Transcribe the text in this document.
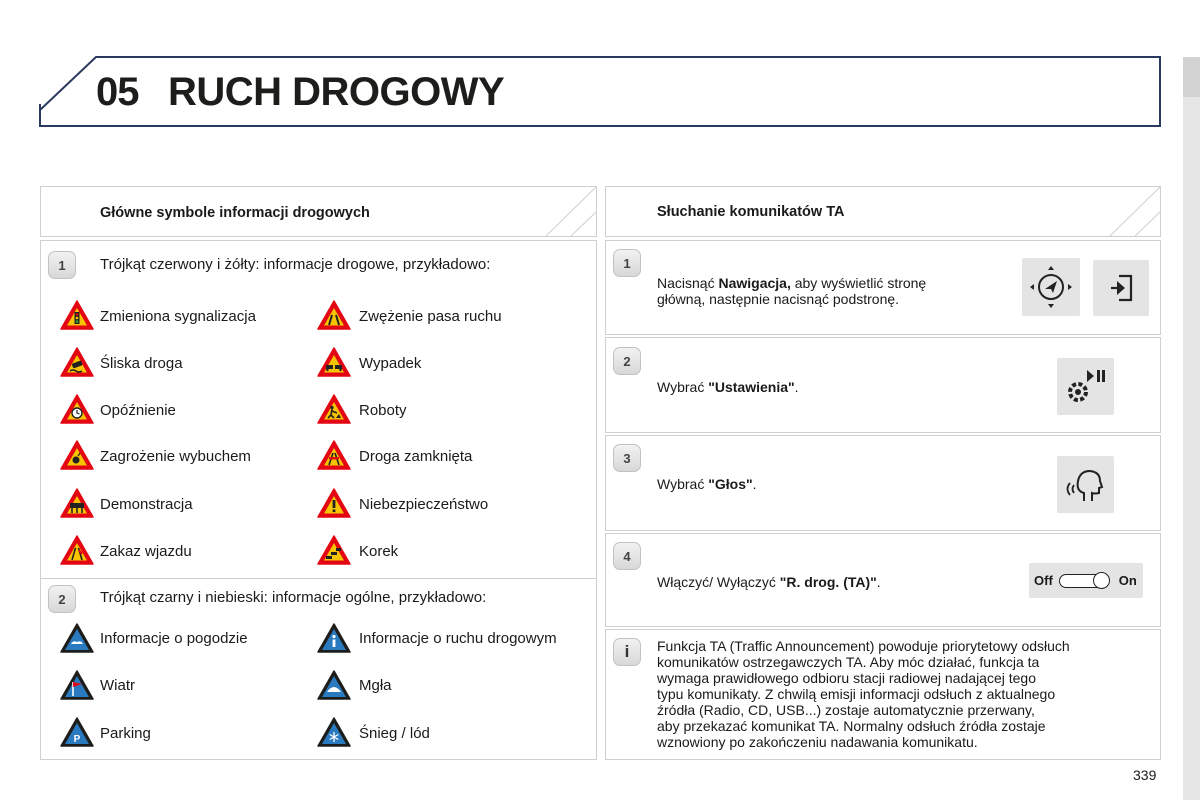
05 RUCH DROGOWY
Główne symbole informacji drogowych
1	Trójkąt czerwony i żółty: informacje drogowe, przykładowo:
Zmieniona sygnalizacja	Zwężenie pasa ruchu
Śliska droga	Wypadek
Opóźnienie	Roboty
Zagrożenie wybuchem	Droga zamknięta
Demonstracja	Niebezpieczeństwo
Zakaz wjazdu	Korek
2	Trójkąt czarny i niebieski: informacje ogólne, przykładowo:
Informacje o pogodzie	Informacje o ruchu drogowym
Wiatr	Mgła
P Parking	Śnieg / lód
Słuchanie komunikatów TA
1
Nacisnąć Nawigacja, aby wyświetlić stronę
główną, następnie nacisnąć podstronę.
2
Wybrać "Ustawienia".
3
Wybrać "Głos".
4
Włączyć/ Wyłączyć "R. drog. (TA)".	Off	On
i	Funkcja TA (Traffic Announcement) powoduje priorytetowy odsłuch
komunikatów ostrzegawczych TA. Aby móc działać, funkcja ta
wymaga prawidłowego odbioru stacji radiowej nadającej tego
typu komunikaty. Z chwilą emisji informacji odsłuch z aktualnego
źródła (Radio, CD, USB...) zostaje automatycznie przerwany,
aby przekazać komunikat TA. Normalny odsłuch źródła zostaje
wznowiony po zakończeniu nadawania komunikatu.
339
